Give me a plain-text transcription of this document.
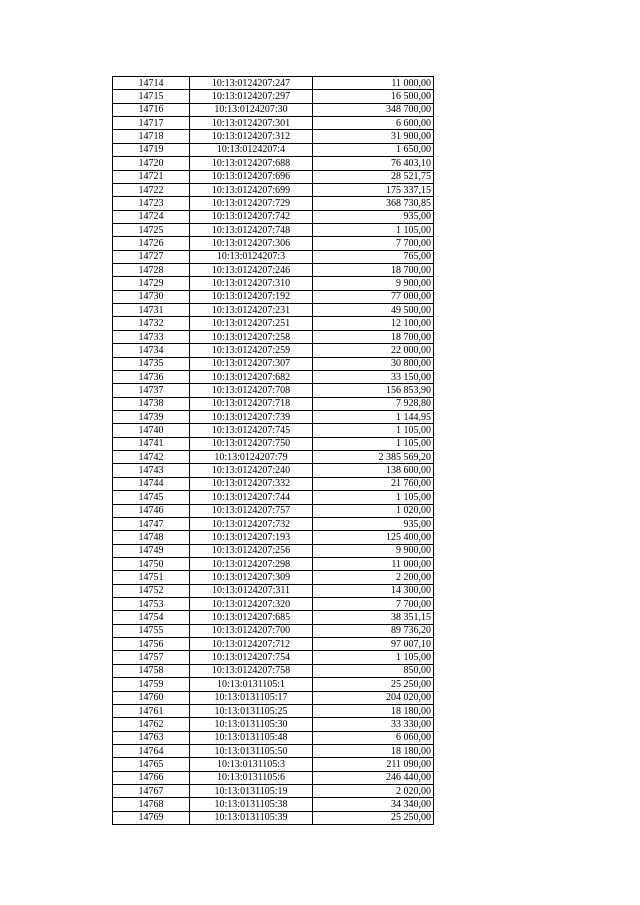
14714	10:13:0124207:247	11 000,00
14715	10:13:0124207:297	16 500,00
14716	10:13:0124207:30	348 700,00
14717	10:13:0124207:301	6 600,00
14718	10:13:0124207:312	31 900,00
14719	10:13:0124207:4	1 650,00
14720	10:13:0124207:688	76 403,10
14721	10:13:0124207:696	28 521,75
14722	10:13:0124207:699	175 337,15
14723	10:13:0124207:729	368 730,85
14724	10:13:0124207:742	935,00
14725	10:13:0124207:748	1 105,00
14726	10:13:0124207:306	7 700,00
14727	10:13:0124207:3	765,00
14728	10:13:0124207:246	18 700,00
14729	10:13:0124207:310	9 900,00
14730	10:13:0124207:192	77 000,00
14731	10:13:0124207:231	49 500,00
14732	10:13:0124207:251	12 100,00
14733	10:13:0124207:258	18 700,00
14734	10:13:0124207:259	22 000,00
14735	10:13:0124207:307	30 800,00
14736	10:13:0124207:682	33 150,00
14737	10:13:0124207:708	156 853,90
14738	10:13:0124207:718	7 928,80
14739	10:13:0124207:739	1 144,95
14740	10:13:0124207:745	1 105,00
14741	10:13:0124207:750	1 105,00
14742	10:13:0124207:79	2 385 569,20
14743	10:13:0124207:240	138 600,00
14744	10:13:0124207:332	21 760,00
14745	10:13:0124207:744	1 105,00
14746	10:13:0124207:757	1 020,00
14747	10:13:0124207:732	935,00
14748	10:13:0124207:193	125 400,00
14749	10:13:0124207:256	9 900,00
14750	10:13:0124207:298	11 000,00
14751	10:13:0124207:309	2 200,00
14752	10:13:0124207:311	14 300,00
14753	10:13:0124207:320	7 700,00
14754	10:13:0124207:685	38 351,15
14755	10:13:0124207:700	89 736,20
14756	10:13:0124207:712	97 007,10
14757	10:13:0124207:754	1 105,00
14758	10:13:0124207:758	850,00
14759	10:13:0131105:1	25 250,00
14760	10:13:0131105:17	204 020,00
14761	10:13:0131105:25	18 180,00
14762	10:13:0131105:30	33 330,00
14763	10:13:0131105:48	6 060,00
14764	10:13:0131105:50	18 180,00
14765	10:13:0131105:3	211 090,00
14766	10:13:0131105:6	246 440,00
14767	10:13:0131105:19	2 020,00
14768	10:13:0131105:38	34 340,00
14769	10:13:0131105:39	25 250,00
